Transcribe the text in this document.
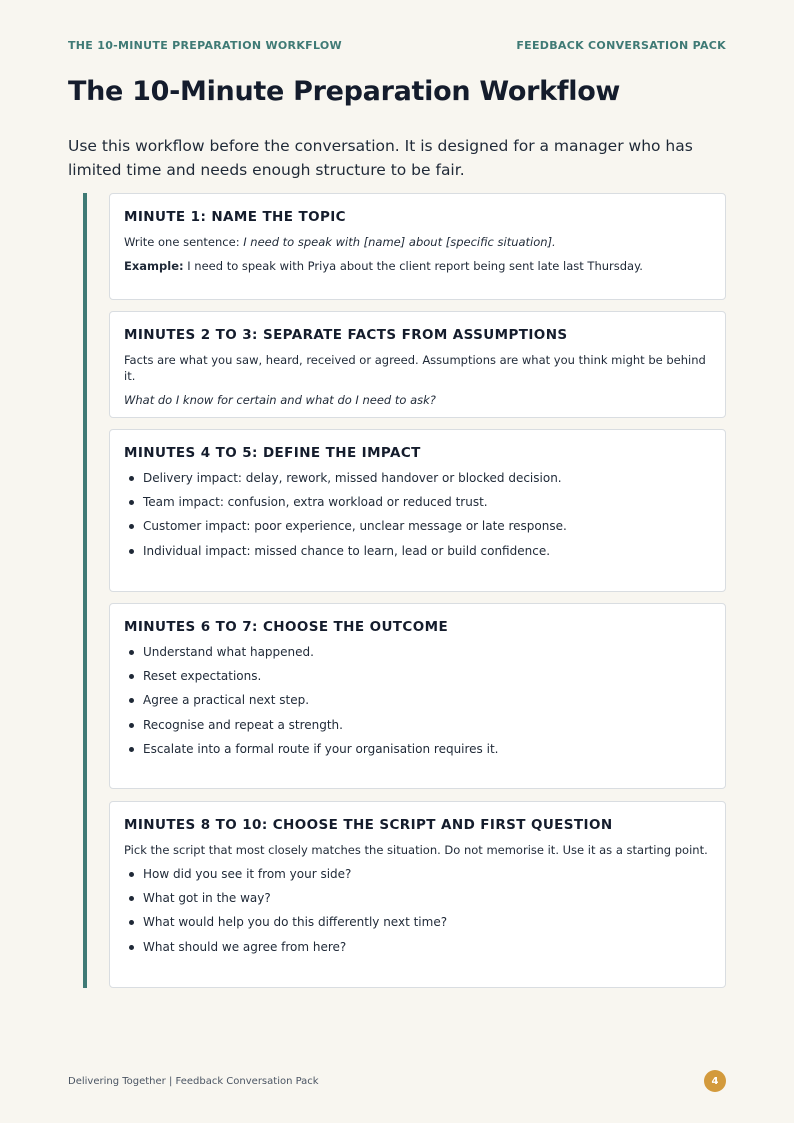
THE 10-MINUTE PREPARATION WORKFLOW	FEEDBACK CONVERSATION PACK
The 10-Minute Preparation Workflow

Use this workflow before the conversation. It is designed for a manager who has limited time and needs enough structure to be fair.

MINUTE 1: NAME THE TOPIC

Write one sentence: I need to speak with [name] about [specific situation].

Example: I need to speak with Priya about the client report being sent late last Thursday.

MINUTES 2 TO 3: SEPARATE FACTS FROM ASSUMPTIONS

Facts are what you saw, heard, received or agreed. Assumptions are what you think might be behind it.

What do I know for certain and what do I need to ask?

MINUTES 4 TO 5: DEFINE THE IMPACT
Delivery impact: delay, rework, missed handover or blocked decision.
Team impact: confusion, extra workload or reduced trust.
Customer impact: poor experience, unclear message or late response.
Individual impact: missed chance to learn, lead or build confidence.
MINUTES 6 TO 7: CHOOSE THE OUTCOME
Understand what happened.
Reset expectations.
Agree a practical next step.
Recognise and repeat a strength.
Escalate into a formal route if your organisation requires it.
MINUTES 8 TO 10: CHOOSE THE SCRIPT AND FIRST QUESTION

Pick the script that most closely matches the situation. Do not memorise it. Use it as a starting point.

How did you see it from your side?
What got in the way?
What would help you do this differently next time?
What should we agree from here?
Delivering Together | Feedback Conversation Pack	4
